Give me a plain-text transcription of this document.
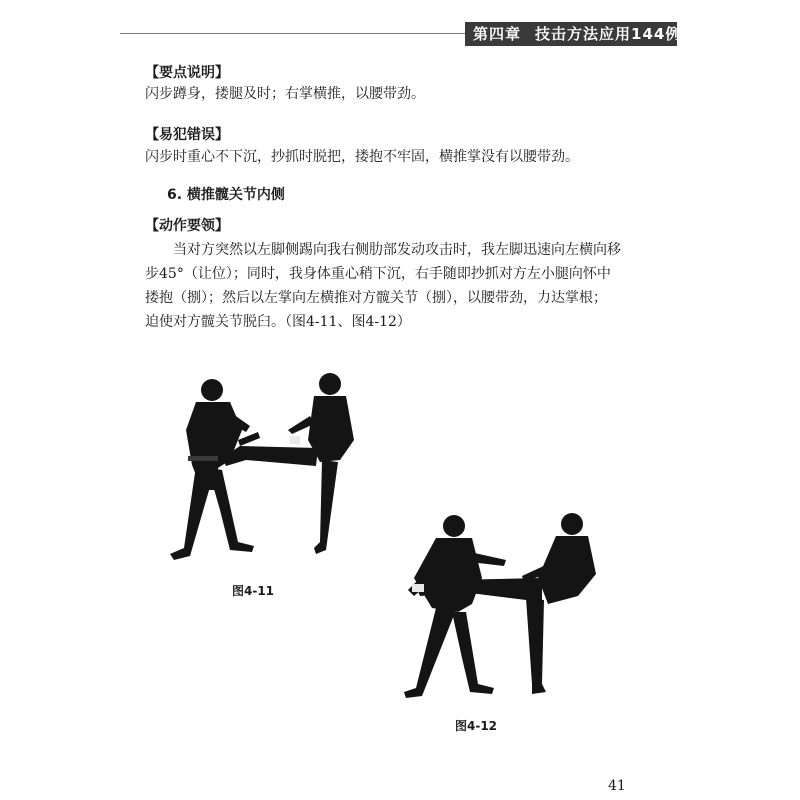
第四章 技击方法应用144例
【要点说明】
闪步蹲身，搂腿及时；右掌横推，以腰带劲。
【易犯错误】
闪步时重心不下沉，抄抓时脱把，搂抱不牢固，横推掌没有以腰带劲。
6. 横推髋关节内侧
【动作要领】
　　当对方突然以左脚侧踢向我右侧肋部发动攻击时，我左脚迅速向左横向移
步45°（让位）；同时，我身体重心稍下沉，右手随即抄抓对方左小腿向怀中
搂抱（捌）；然后以左掌向左横推对方髋关节（捌），以腰带劲，力达掌根；
迫使对方髋关节脱臼。（图4-11、图4-12）
图4-11
图4-12
41
